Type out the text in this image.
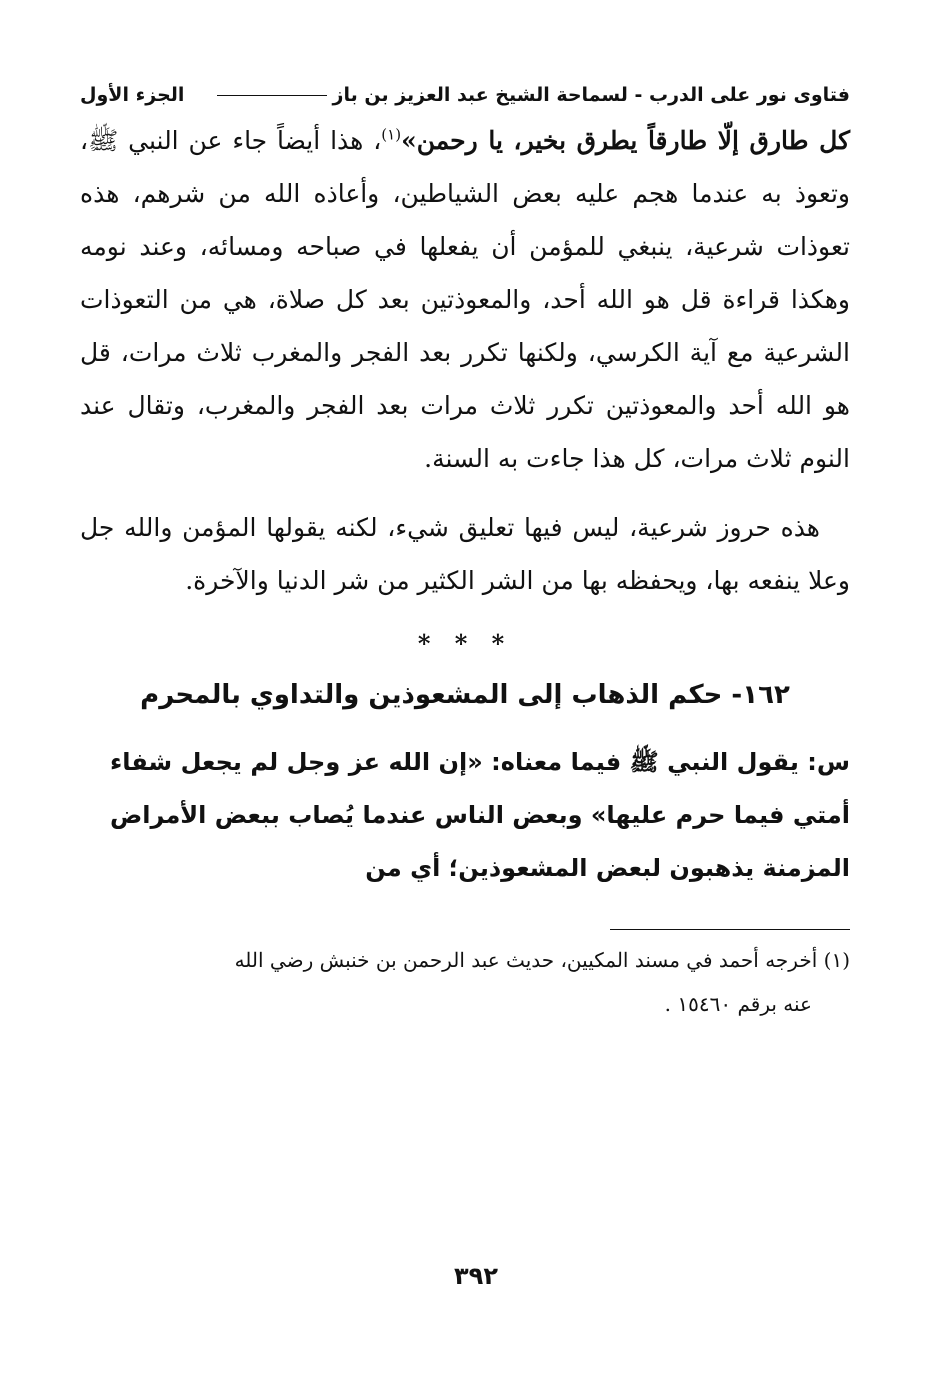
فتاوى نور على الدرب - لسماحة الشيخ عبد العزيز بن باز
الجزء الأول

كل طارق إلّا طارقاً يطرق بخير، يا رحمن»$^{(١)}$، هذا أيضاً جاء عن النبي ﷺ، وتعوذ به عندما هجم عليه بعض الشياطين، وأعاذه الله من شرهم، هذه تعوذات شرعية، ينبغي للمؤمن أن يفعلها في صباحه ومسائه، وعند نومه وهكذا قراءة قل هو الله أحد، والمعوذتين بعد كل صلاة، هي من التعوذات الشرعية مع آية الكرسي، ولكنها تكرر بعد الفجر والمغرب ثلاث مرات، قل هو الله أحد والمعوذتين تكرر ثلاث مرات بعد الفجر والمغرب، وتقال عند النوم ثلاث مرات، كل هذا جاءت به السنة.

هذه حروز شرعية، ليس فيها تعليق شيء، لكنه يقولها المؤمن والله جل وعلا ينفعه بها، ويحفظه بها من الشر الكثير من شر الدنيا والآخرة.

* * *
١٦٢- حكم الذهاب إلى المشعوذين والتداوي بالمحرم

س: يقول النبي ﷺ فيما معناه: «إن الله عز وجل لم يجعل شفاء أمتي فيما حرم عليها» وبعض الناس عندما يُصاب ببعض الأمراض المزمنة يذهبون لبعض المشعوذين؛ أي من

(١) أخرجه أحمد في مسند المكيين، حديث عبد الرحمن بن خنبش رضي الله
عنه برقم ١٥٤٦٠ .

٣٩٢
